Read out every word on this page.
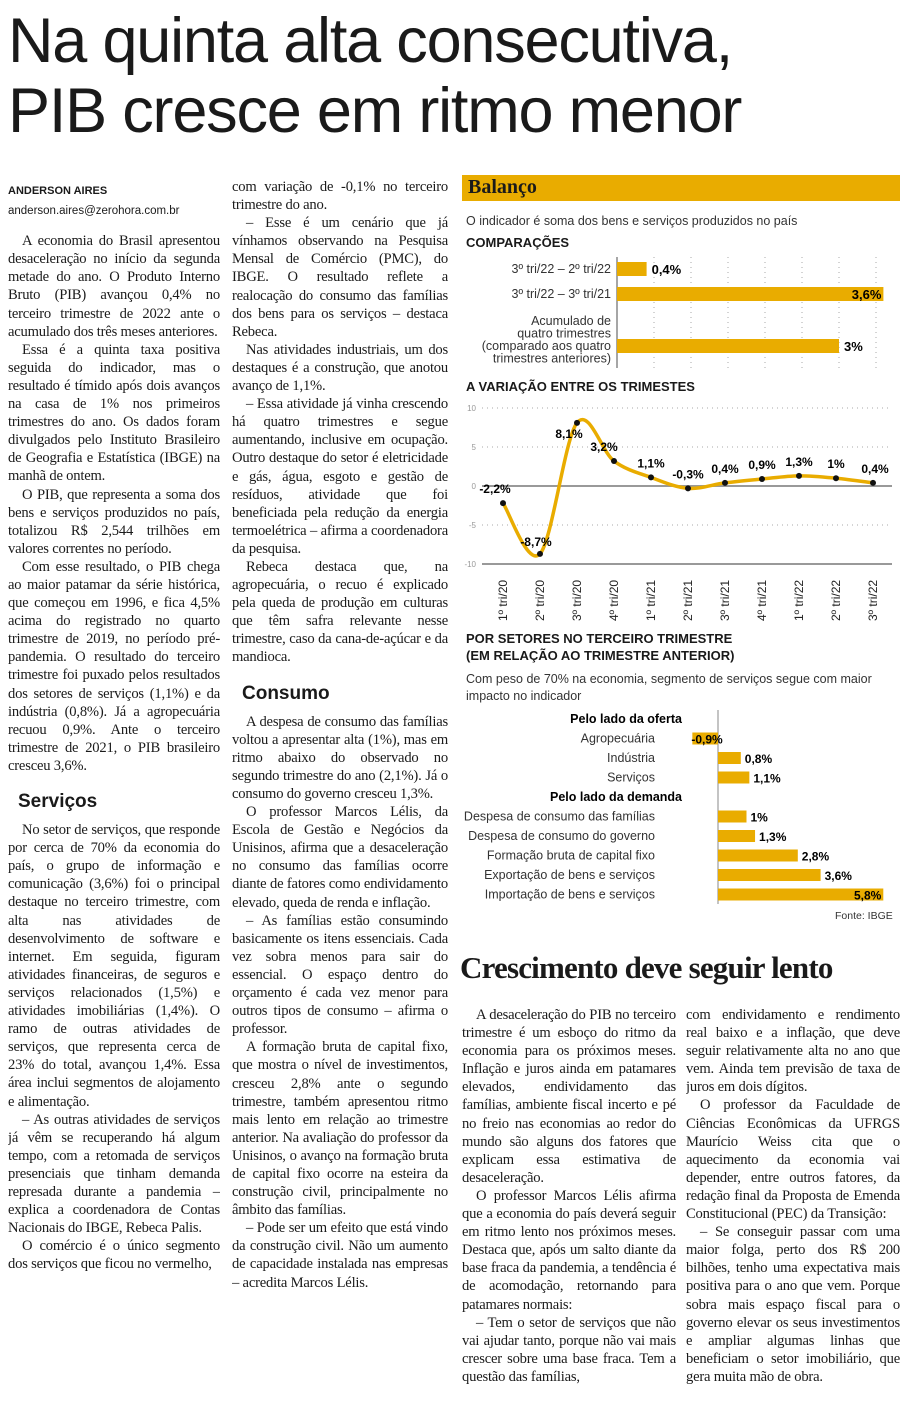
Na quinta alta consecutiva,
PIB cresce em ritmo menor
ANDERSON AIRES
anderson.aires@zerohora.com.br

A economia do Brasil apresentou desaceleração no início da segunda metade do ano. O Produto Interno Bruto (PIB) avançou 0,4% no terceiro trimestre de 2022 ante o acumulado dos três meses anteriores.

Essa é a quinta taxa positiva seguida do indicador, mas o resultado é tímido após dois avanços na casa de 1% nos primeiros trimestres do ano. Os dados foram divulgados pelo Instituto Brasileiro de Geografia e Estatística (IBGE) na manhã de ontem.

O PIB, que representa a soma dos bens e serviços produzidos no país, totalizou R$ 2,544 trilhões em valores correntes no período.

Com esse resultado, o PIB chega ao maior patamar da série histórica, que começou em 1996, e fica 4,5% acima do registrado no quarto trimestre de 2019, no período pré-pandemia. O resultado do terceiro trimestre foi puxado pelos resultados dos setores de serviços (1,1%) e da indústria (0,8%). Já a agropecuária recuou 0,9%. Ante o terceiro trimestre de 2021, o PIB brasileiro cresceu 3,6%.

Serviços

No setor de serviços, que responde por cerca de 70% da economia do país, o grupo de informação e comunicação (3,6%) foi o principal destaque no terceiro trimestre, com alta nas atividades de desenvolvimento de software e internet. Em seguida, figuram atividades financeiras, de seguros e serviços relacionados (1,5%) e atividades imobiliárias (1,4%). O ramo de outras atividades de serviços, que representa cerca de 23% do total, avançou 1,4%. Essa área inclui segmentos de alojamento e alimentação.

– As outras atividades de serviços já vêm se recuperando há algum tempo, com a retomada de serviços presenciais que tinham demanda represada durante a pandemia – explica a coordenadora de Contas Nacionais do IBGE, Rebeca Palis.

O comércio é o único segmento dos serviços que ficou no vermelho,

com variação de -0,1% no terceiro trimestre do ano.

– Esse é um cenário que já vínhamos observando na Pesquisa Mensal de Comércio (PMC), do IBGE. O resultado reflete a realocação do consumo das famílias dos bens para os serviços – destaca Rebeca.

Nas atividades industriais, um dos destaques é a construção, que anotou avanço de 1,1%.

– Essa atividade já vinha crescendo há quatro trimestres e segue aumentando, inclusive em ocupação. Outro destaque do setor é eletricidade e gás, água, esgoto e gestão de resíduos, atividade que foi beneficiada pela redução da energia termoelétrica – afirma a coordenadora da pesquisa.

Rebeca destaca que, na agropecuária, o recuo é explicado pela queda de produção em culturas que têm safra relevante nesse trimestre, caso da cana-de-açúcar e da mandioca.

Consumo

A despesa de consumo das famílias voltou a apresentar alta (1%), mas em ritmo abaixo do observado no segundo trimestre do ano (2,1%). Já o consumo do governo cresceu 1,3%.

O professor Marcos Lélis, da Escola de Gestão e Negócios da Unisinos, afirma que a desaceleração no consumo das famílias ocorre diante de fatores como endividamento elevado, queda de renda e inflação.

– As famílias estão consumindo basicamente os itens essenciais. Cada vez sobra menos para sair do essencial. O espaço dentro do orçamento é cada vez menor para outros tipos de consumo – afirma o professor.

A formação bruta de capital fixo, que mostra o nível de investimentos, cresceu 2,8% ante o segundo trimestre, também apresentou ritmo mais lento em relação ao trimestre anterior. Na avaliação do professor da Unisinos, o avanço na formação bruta de capital fixo ocorre na esteira da construção civil, principalmente no âmbito das famílias.

– Pode ser um efeito que está vindo da construção civil. Não um aumento de capacidade instalada nas empresas – acredita Marcos Lélis.

Balanço
O indicador é soma dos bens e serviços produzidos no país
COMPARAÇÕES
0,4%
3º tri/22 – 2º tri/22
3,6%
3º tri/22 – 3º tri/21
3%
Acumulado de
quatro trimestres
(comparado aos quatro
trimestres anteriores)
A VARIAÇÃO ENTRE OS TRIMESTES
10
5
0
-5
-10
-2,2%
1º tri/20
-8,7%
2º tri/20
8,1%
3º tri/20
3,2%
4º tri/20
1,1%
1º tri/21
-0,3%
2º tri/21
0,4%
3º tri/21
0,9%
4º tri/21
1,3%
1º tri/22
1%
2º tri/22
0,4%
3º tri/22
POR SETORES NO TERCEIRO TRIMESTRE
(EM RELAÇÃO AO TRIMESTRE ANTERIOR)
Com peso de 70% na economia, segmento de serviços segue com maior impacto no indicador
Pelo lado da oferta
Agropecuária	-0,9%
Indústria	0,8%
Serviços	1,1%
Pelo lado da demanda
Despesa de consumo das famílias	1%
Despesa de consumo do governo	1,3%
Formação bruta de capital fixo	2,8%
Exportação de bens e serviços	3,6%
Importação de bens e serviços	5,8%
Fonte: IBGE
Crescimento deve seguir lento

A desaceleração do PIB no terceiro trimestre é um esboço do ritmo da economia para os próximos meses. Inflação e juros ainda em patamares elevados, endividamento das famílias, ambiente fiscal incerto e pé no freio nas economias ao redor do mundo são alguns dos fatores que explicam essa estimativa de desaceleração.

O professor Marcos Lélis afirma que a economia do país deverá seguir em ritmo lento nos próximos meses. Destaca que, após um salto diante da base fraca da pandemia, a tendência é de acomodação, retornando para patamares normais:

– Tem o setor de serviços que não vai ajudar tanto, porque não vai mais crescer sobre uma base fraca. Tem a questão das famílias,

com endividamento e rendimento real baixo e a inflação, que deve seguir relativamente alta no ano que vem. Ainda tem previsão de taxa de juros em dois dígitos.

O professor da Faculdade de Ciências Econômicas da UFRGS Maurício Weiss cita que o aquecimento da economia vai depender, entre outros fatores, da redação final da Proposta de Emenda Constitucional (PEC) da Transição:

– Se conseguir passar com uma maior folga, perto dos R$ 200 bilhões, tenho uma expectativa mais positiva para o ano que vem. Porque sobra mais espaço fiscal para o governo elevar os seus investimentos e ampliar algumas linhas que beneficiam o setor imobiliário, que gera muita mão de obra.
